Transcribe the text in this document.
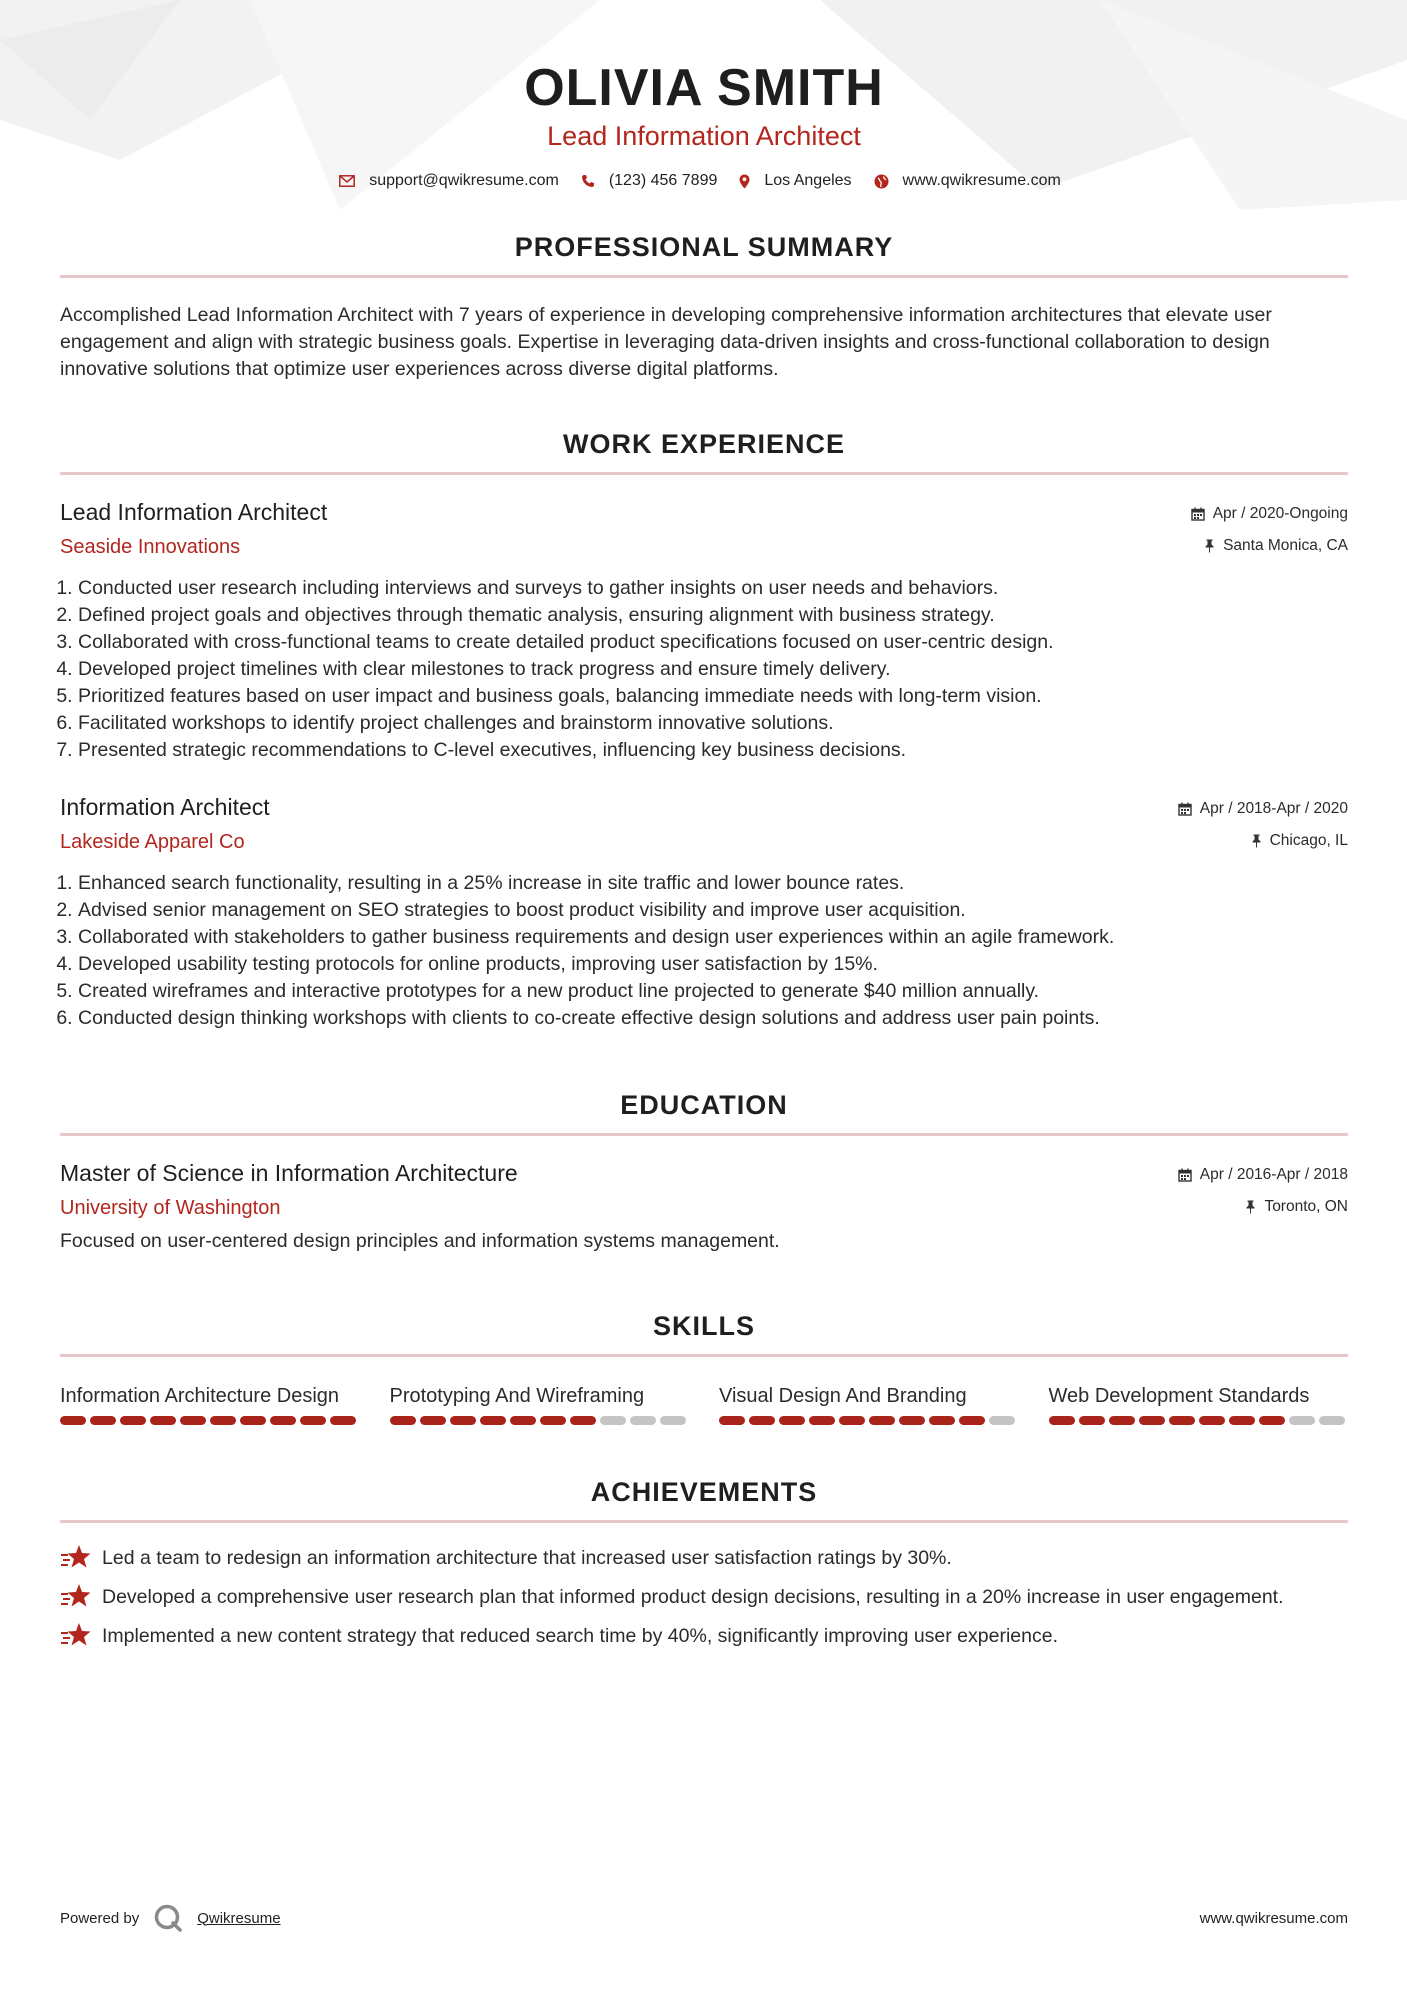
OLIVIA SMITH
Lead Information Architect
support@qwikresume.com	(123) 456 7899	Los Angeles	www.qwikresume.com
PROFESSIONAL SUMMARY
Accomplished Lead Information Architect with 7 years of experience in developing comprehensive information architectures that elevate user engagement and align with strategic business goals. Expertise in leveraging data-driven insights and cross-functional collaboration to design innovative solutions that optimize user experiences across diverse digital platforms.
WORK EXPERIENCE
Lead Information Architect
Seaside Innovations
Apr / 2020-Ongoing
Santa Monica, CA
1. Conducted user research including interviews and surveys to gather insights on user needs and behaviors.
2. Defined project goals and objectives through thematic analysis, ensuring alignment with business strategy.
3. Collaborated with cross-functional teams to create detailed product specifications focused on user-centric design.
4. Developed project timelines with clear milestones to track progress and ensure timely delivery.
5. Prioritized features based on user impact and business goals, balancing immediate needs with long-term vision.
6. Facilitated workshops to identify project challenges and brainstorm innovative solutions.
7. Presented strategic recommendations to C-level executives, influencing key business decisions.
Information Architect
Lakeside Apparel Co
Apr / 2018-Apr / 2020
Chicago, IL
1. Enhanced search functionality, resulting in a 25% increase in site traffic and lower bounce rates.
2. Advised senior management on SEO strategies to boost product visibility and improve user acquisition.
3. Collaborated with stakeholders to gather business requirements and design user experiences within an agile framework.
4. Developed usability testing protocols for online products, improving user satisfaction by 15%.
5. Created wireframes and interactive prototypes for a new product line projected to generate $40 million annually.
6. Conducted design thinking workshops with clients to co-create effective design solutions and address user pain points.
EDUCATION
Master of Science in Information Architecture
University of Washington
Apr / 2016-Apr / 2018
Toronto, ON
Focused on user-centered design principles and information systems management.
SKILLS
Information Architecture Design	Prototyping And Wireframing	Visual Design And Branding	Web Development Standards
ACHIEVEMENTS
Led a team to redesign an information architecture that increased user satisfaction ratings by 30%.
Developed a comprehensive user research plan that informed product design decisions, resulting in a 20% increase in user engagement.
Implemented a new content strategy that reduced search time by 40%, significantly improving user experience.
Powered by	Qwikresume	www.qwikresume.com
